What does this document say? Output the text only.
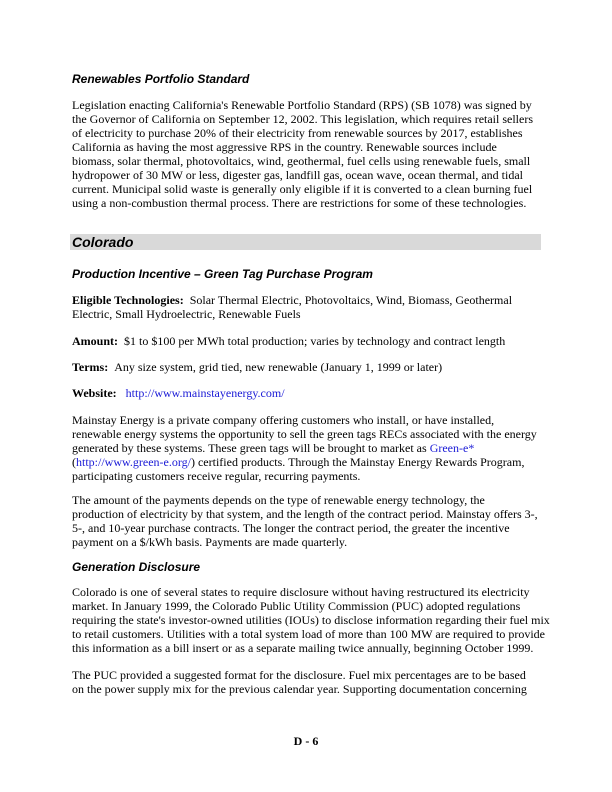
Renewables Portfolio Standard
Legislation enacting California's Renewable Portfolio Standard (RPS) (SB 1078) was signed by
the Governor of California on September 12, 2002. This legislation, which requires retail sellers
of electricity to purchase 20% of their electricity from renewable sources by 2017, establishes
California as having the most aggressive RPS in the country. Renewable sources include
biomass, solar thermal, photovoltaics, wind, geothermal, fuel cells using renewable fuels, small
hydropower of 30 MW or less, digester gas, landfill gas, ocean wave, ocean thermal, and tidal
current. Municipal solid waste is generally only eligible if it is converted to a clean burning fuel
using a non-combustion thermal process. There are restrictions for some of these technologies.
Colorado
Production Incentive – Green Tag Purchase Program
Eligible Technologies: Solar Thermal Electric, Photovoltaics, Wind, Biomass, Geothermal
Electric, Small Hydroelectric, Renewable Fuels
Amount: $1 to $100 per MWh total production; varies by technology and contract length
Terms: Any size system, grid tied, new renewable (January 1, 1999 or later)
Website: http://www.mainstayenergy.com/
Mainstay Energy is a private company offering customers who install, or have installed,
renewable energy systems the opportunity to sell the green tags RECs associated with the energy
generated by these systems. These green tags will be brought to market as Green-e*
(http://www.green-e.org/) certified products. Through the Mainstay Energy Rewards Program,
participating customers receive regular, recurring payments.
The amount of the payments depends on the type of renewable energy technology, the
production of electricity by that system, and the length of the contract period. Mainstay offers 3-,
5-, and 10-year purchase contracts. The longer the contract period, the greater the incentive
payment on a $/kWh basis. Payments are made quarterly.
Generation Disclosure
Colorado is one of several states to require disclosure without having restructured its electricity
market. In January 1999, the Colorado Public Utility Commission (PUC) adopted regulations
requiring the state's investor-owned utilities (IOUs) to disclose information regarding their fuel mix
to retail customers. Utilities with a total system load of more than 100 MW are required to provide
this information as a bill insert or as a separate mailing twice annually, beginning October 1999.
The PUC provided a suggested format for the disclosure. Fuel mix percentages are to be based
on the power supply mix for the previous calendar year. Supporting documentation concerning
D - 6
